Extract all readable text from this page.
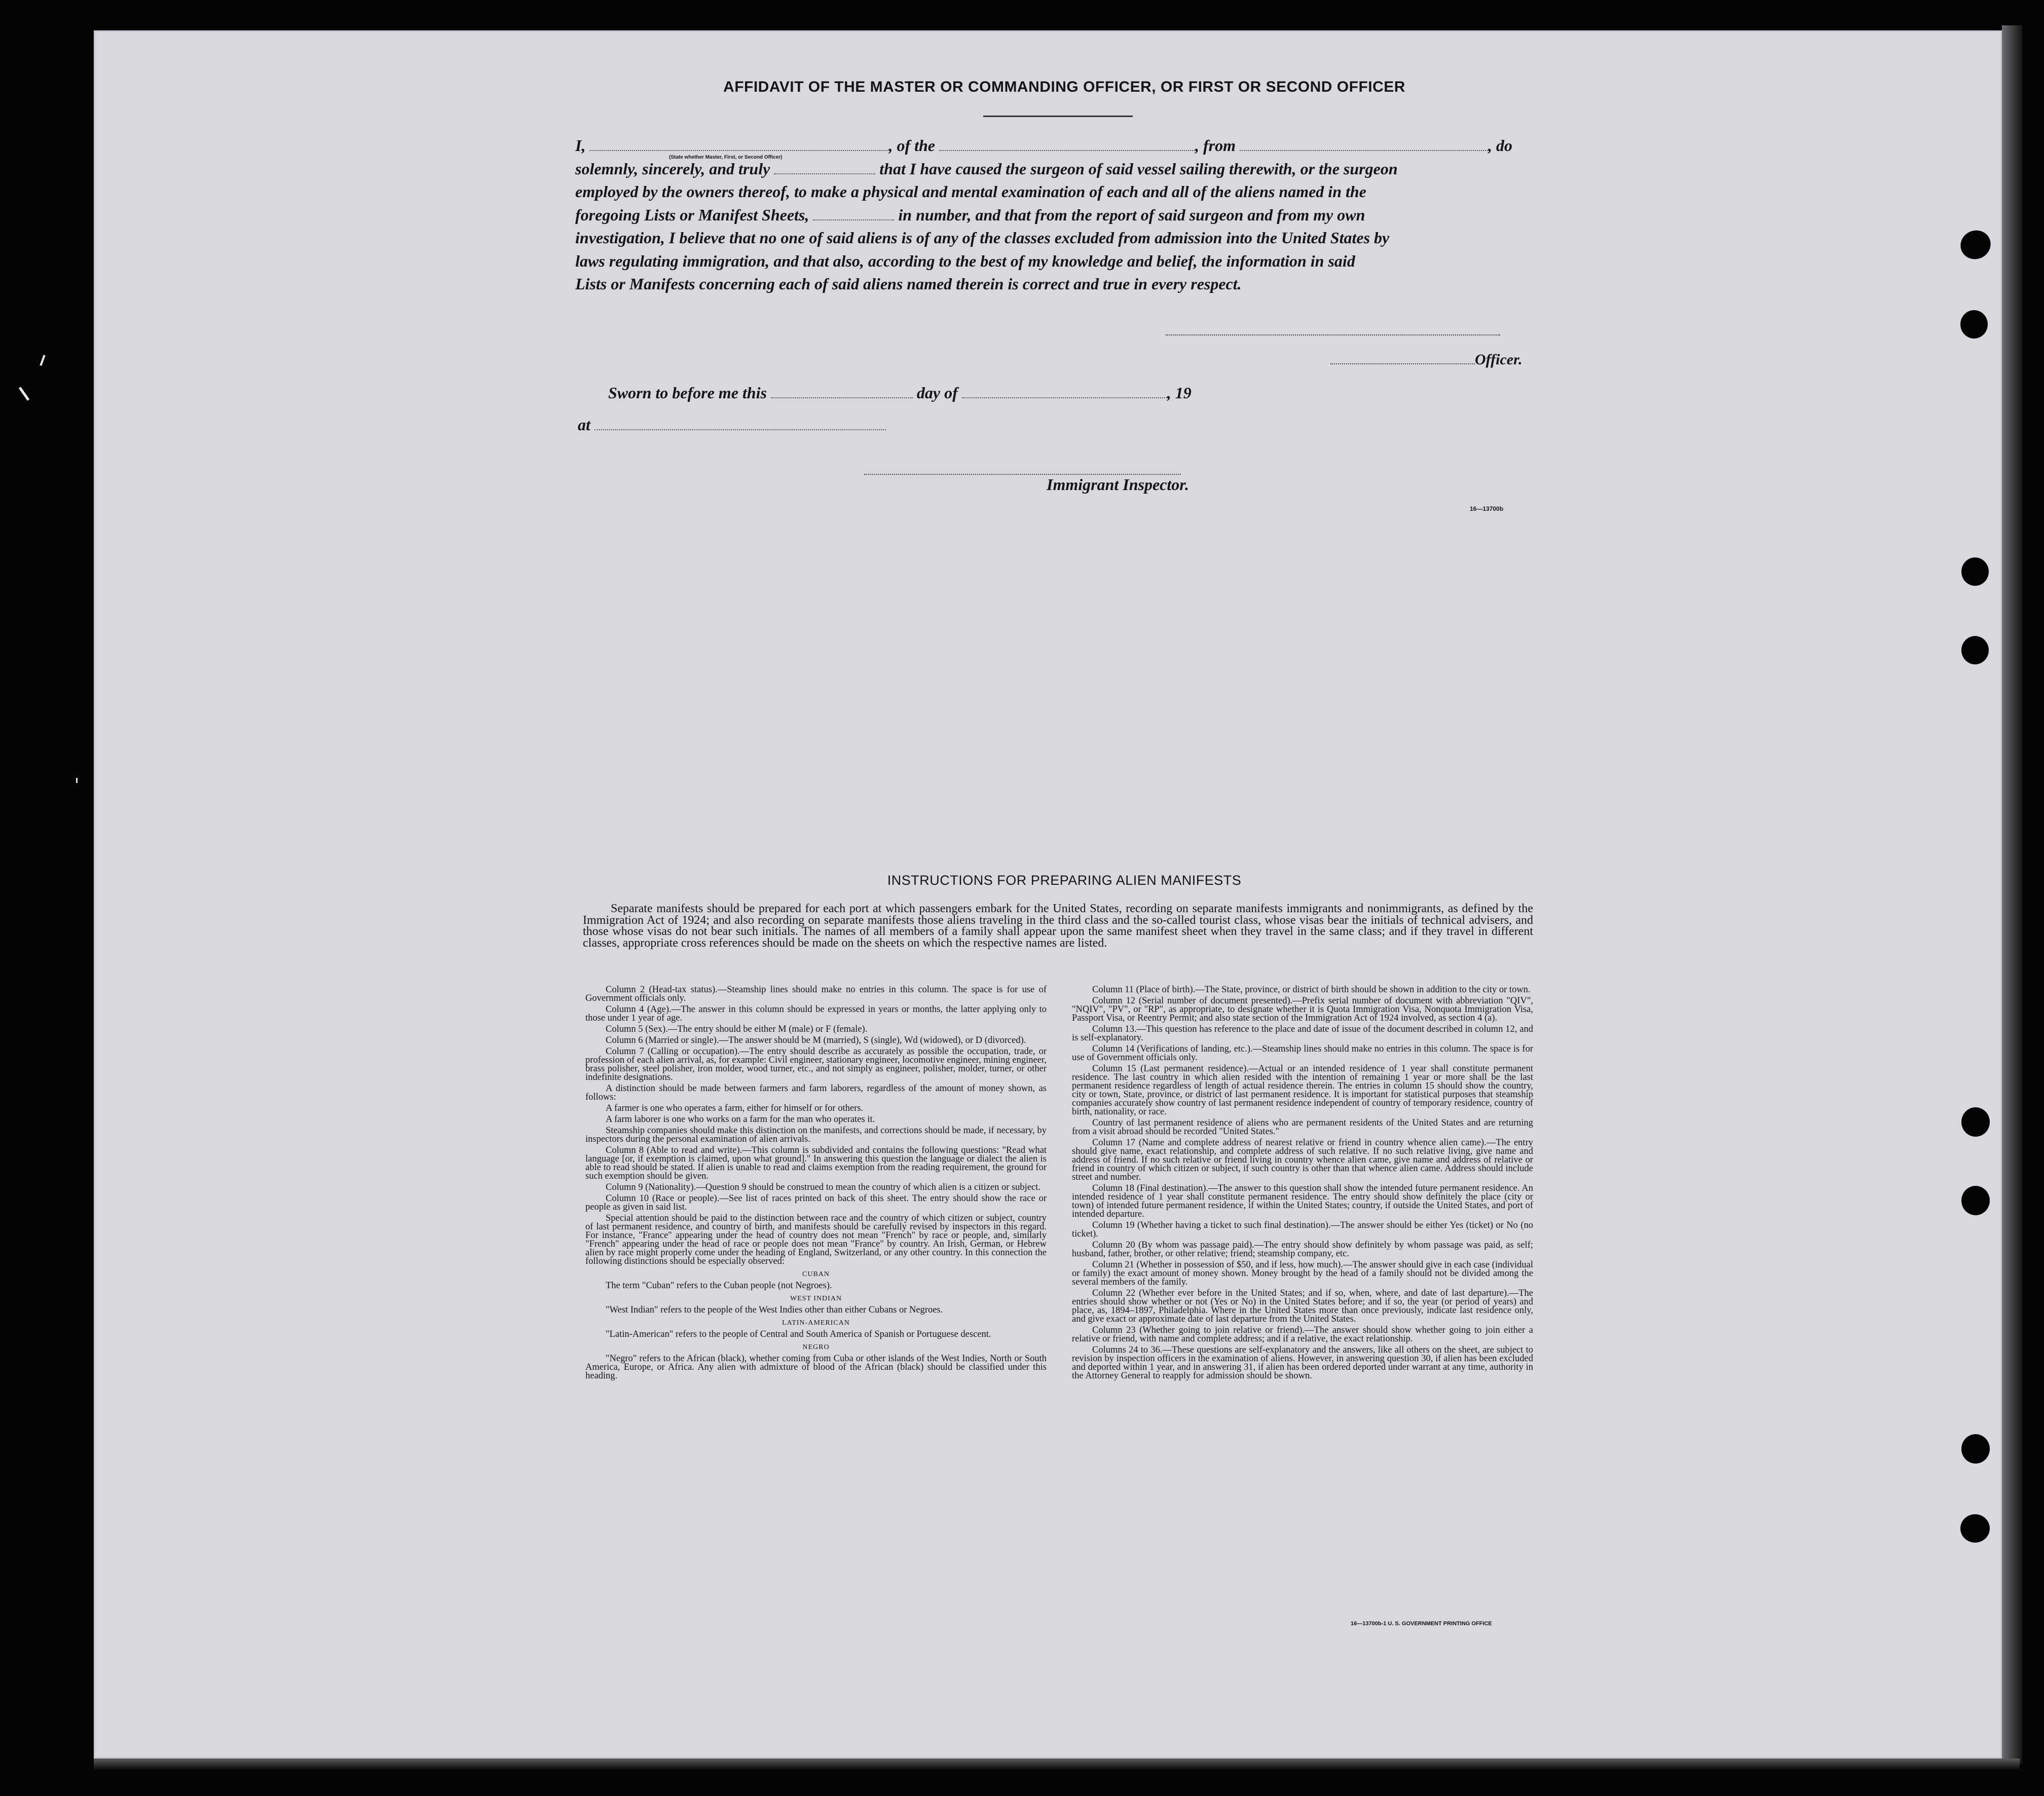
AFFIDAVIT OF THE MASTER OR COMMANDING OFFICER, OR FIRST OR SECOND OFFICER
I,	, of the	, from	, do
solemnly, sincerely, and truly	that I have caused the surgeon of said vessel sailing therewith, or the surgeon
employed by the owners thereof, to make a physical and mental examination of each and all of the aliens named in the
foregoing Lists or Manifest Sheets,	in number, and that from the report of said surgeon and from my own
investigation, I believe that no one of said aliens is of any of the classes excluded from admission into the United States by
laws regulating immigration, and that also, according to the best of my knowledge and belief, the information in said
Lists or Manifests concerning each of said aliens named therein is correct and true in every respect.
(State whether Master, First, or Second Officer)
Officer.
Sworn to before me this	day of	, 19
at
Immigrant Inspector.
16—13700b
INSTRUCTIONS FOR PREPARING ALIEN MANIFESTS
Separate manifests should be prepared for each port at which passengers embark for the United States, recording on separate manifests immigrants and nonimmigrants, as defined by the Immigration Act of 1924; and also recording on separate manifests those aliens traveling in the third class and the so-called tourist class, whose visas bear the initials of technical advisers, and those whose visas do not bear such initials. The names of all members of a family shall appear upon the same manifest sheet when they travel in the same class; and if they travel in different classes, appropriate cross references should be made on the sheets on which the respective names are listed.

Column 2 (Head-tax status).—Steamship lines should make no entries in this column. The space is for use of Government officials only.

Column 4 (Age).—The answer in this column should be expressed in years or months, the latter applying only to those under 1 year of age.

Column 5 (Sex).—The entry should be either M (male) or F (female).

Column 6 (Married or single).—The answer should be M (married), S (single), Wd (widowed), or D (divorced).

Column 7 (Calling or occupation).—The entry should describe as accurately as possible the occupation, trade, or profession of each alien arrival, as, for example: Civil engineer, stationary engineer, locomotive engineer, mining engineer, brass polisher, steel polisher, iron molder, wood turner, etc., and not simply as engineer, polisher, molder, turner, or other indefinite designations.

A distinction should be made between farmers and farm laborers, regardless of the amount of money shown, as follows:

A farmer is one who operates a farm, either for himself or for others.

A farm laborer is one who works on a farm for the man who operates it.

Steamship companies should make this distinction on the manifests, and corrections should be made, if necessary, by inspectors during the personal examination of alien arrivals.

Column 8 (Able to read and write).—This column is subdivided and contains the following questions: "Read what language [or, if exemption is claimed, upon what ground]." In answering this question the language or dialect the alien is able to read should be stated. If alien is unable to read and claims exemption from the reading requirement, the ground for such exemption should be given.

Column 9 (Nationality).—Question 9 should be construed to mean the country of which alien is a citizen or subject.

Column 10 (Race or people).—See list of races printed on back of this sheet. The entry should show the race or people as given in said list.

Special attention should be paid to the distinction between race and the country of which citizen or subject, country of last permanent residence, and country of birth, and manifests should be carefully revised by inspectors in this regard. For instance, "France" appearing under the head of country does not mean "French" by race or people, and, similarly "French" appearing under the head of race or people does not mean "France" by country. An Irish, German, or Hebrew alien by race might properly come under the heading of England, Switzerland, or any other country. In this connection the following distinctions should be especially observed:

CUBAN

The term "Cuban" refers to the Cuban people (not Negroes).

WEST INDIAN

"West Indian" refers to the people of the West Indies other than either Cubans or Negroes.

LATIN-AMERICAN

"Latin-American" refers to the people of Central and South America of Spanish or Portuguese descent.

NEGRO

"Negro" refers to the African (black), whether coming from Cuba or other islands of the West Indies, North or South America, Europe, or Africa. Any alien with admixture of blood of the African (black) should be classified under this heading.

Column 11 (Place of birth).—The State, province, or district of birth should be shown in addition to the city or town.

Column 12 (Serial number of document presented).—Prefix serial number of document with abbreviation "QIV", "NQIV", "PV", or "RP", as appropriate, to designate whether it is Quota Immigration Visa, Nonquota Immigration Visa, Passport Visa, or Reentry Permit; and also state section of the Immigration Act of 1924 involved, as section 4 (a).

Column 13.—This question has reference to the place and date of issue of the document described in column 12, and is self-explanatory.

Column 14 (Verifications of landing, etc.).—Steamship lines should make no entries in this column. The space is for use of Government officials only.

Column 15 (Last permanent residence).—Actual or an intended residence of 1 year shall constitute permanent residence. The last country in which alien resided with the intention of remaining 1 year or more shall be the last permanent residence regardless of length of actual residence therein. The entries in column 15 should show the country, city or town, State, province, or district of last permanent residence. It is important for statistical purposes that steamship companies accurately show country of last permanent residence independent of country of temporary residence, country of birth, nationality, or race.

Country of last permanent residence of aliens who are permanent residents of the United States and are returning from a visit abroad should be recorded "United States."

Column 17 (Name and complete address of nearest relative or friend in country whence alien came).—The entry should give name, exact relationship, and complete address of such relative. If no such relative living, give name and address of friend. If no such relative or friend living in country whence alien came, give name and address of relative or friend in country of which citizen or subject, if such country is other than that whence alien came. Address should include street and number.

Column 18 (Final destination).—The answer to this question shall show the intended future permanent residence. An intended residence of 1 year shall constitute permanent residence. The entry should show definitely the place (city or town) of intended future permanent residence, if within the United States; country, if outside the United States, and port of intended departure.

Column 19 (Whether having a ticket to such final destination).—The answer should be either Yes (ticket) or No (no ticket).

Column 20 (By whom was passage paid).—The entry should show definitely by whom passage was paid, as self; husband, father, brother, or other relative; friend; steamship company, etc.

Column 21 (Whether in possession of $50, and if less, how much).—The answer should give in each case (individual or family) the exact amount of money shown. Money brought by the head of a family should not be divided among the several members of the family.

Column 22 (Whether ever before in the United States; and if so, when, where, and date of last departure).—The entries should show whether or not (Yes or No) in the United States before; and if so, the year (or period of years) and place, as, 1894–1897, Philadelphia. Where in the United States more than once previously, indicate last residence only, and give exact or approximate date of last departure from the United States.

Column 23 (Whether going to join relative or friend).—The answer should show whether going to join either a relative or friend, with name and complete address; and if a relative, the exact relationship.

Columns 24 to 36.—These questions are self-explanatory and the answers, like all others on the sheet, are subject to revision by inspection officers in the examination of aliens. However, in answering question 30, if alien has been excluded and deported within 1 year, and in answering 31, if alien has been ordered deported under warrant at any time, authority in the Attorney General to reapply for admission should be shown.

16—13700b-1 U. S. GOVERNMENT PRINTING OFFICE
